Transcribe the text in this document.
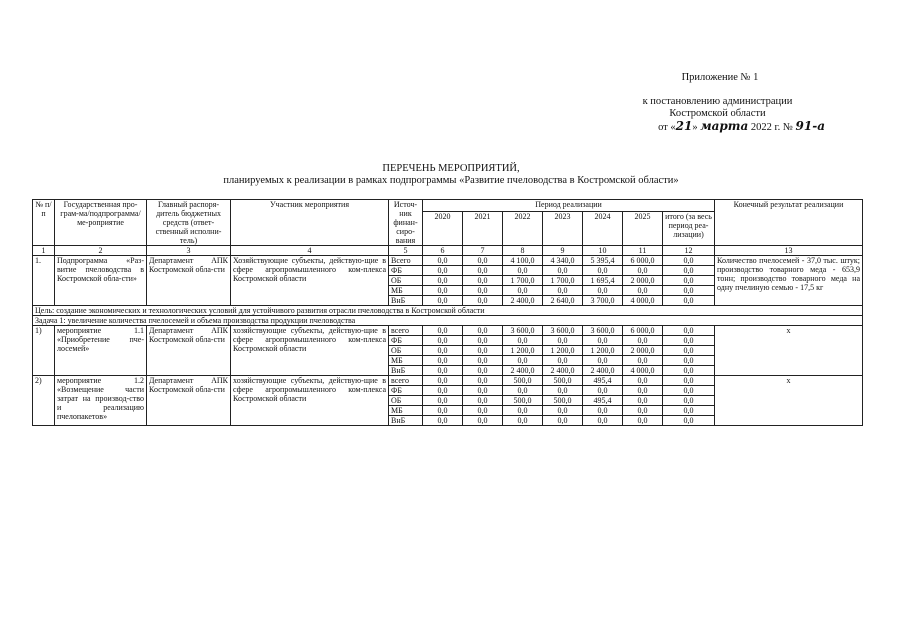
Приложение № 1
к постановлению администрации
Костромской области
от «21» марта 2022 г. № 91-а
ПЕРЕЧЕНЬ МЕРОПРИЯТИЙ,
планируемых к реализации в рамках подпрограммы «Развитие пчеловодства в Костромской области»
№ п/п	Государственная про-грам-ма/подпрограмма/ме-роприятие	Главный распоря-дитель бюджетных средств (ответ-ственный исполни-тель)	Участник мероприятия	Источ-ник финан-сиро-вания	Период реализации							Конечный результат реализации
					2020	2021	2022	2023	2024	2025	итого (за весь период реа-лизации)	
1	2	3	4	5	6	7	8	9	10	11	12	13
1.	Подпрограмма «Раз-витие пчеловодства в Костромской обла-сти»	Департамент АПК Костромской обла-сти	Хозяйствующие субъекты, действую-щие в сфере агропромышленного ком-плекса Костромской области	Всего	0,0	0,0	4 100,0	4 340,0	5 395,4	6 000,0	0,0	Количество пчелосемей - 37,0 тыс. штук; производство товарного меда - 653,9 тонн; производство товарного меда на одну пчелиную семью - 17,5 кг
				ФБ	0,0	0,0	0,0	0,0	0,0	0,0	0,0	
				ОБ	0,0	0,0	1 700,0	1 700,0	1 695,4	2 000,0	0,0	
				МБ	0,0	0,0	0,0	0,0	0,0	0,0	0,0	
				ВнБ	0,0	0,0	2 400,0	2 640,0	3 700,0	4 000,0	0,0	
Цель: создание экономических и технологических условий для устойчивого развития отрасли пчеловодства в Костромской области												
Задача 1: увеличение количества пчелосемей и объема производства продукции пчеловодства												
1)	мероприятие 1.1 «Приобретение пче-лосемей»	Департамент АПК Костромской обла-сти	хозяйствующие субъекты, действую-щие в сфере агропромышленного ком-плекса Костромской области	всего	0,0	0,0	3 600,0	3 600,0	3 600,0	6 000,0	0,0	х
				ФБ	0,0	0,0	0,0	0,0	0,0	0,0	0,0	
				ОБ	0,0	0,0	1 200,0	1 200,0	1 200,0	2 000,0	0,0	
				МБ	0,0	0,0	0,0	0,0	0,0	0,0	0,0	
				ВнБ	0,0	0,0	2 400,0	2 400,0	2 400,0	4 000,0	0,0	
2)	мероприятие 1.2 «Возмещение части затрат на производ-ство и реализацию пчелопакетов»	Департамент АПК Костромской обла-сти	хозяйствующие субъекты, действую-щие в сфере агропромышленного ком-плекса Костромской области	всего	0,0	0,0	500,0	500,0	495,4	0,0	0,0	х
				ФБ	0,0	0,0	0,0	0,0	0,0	0,0	0,0	
				ОБ	0,0	0,0	500,0	500,0	495,4	0,0	0,0	
				МБ	0,0	0,0	0,0	0,0	0,0	0,0	0,0	
				ВнБ	0,0	0,0	0,0	0,0	0,0	0,0	0,0	
